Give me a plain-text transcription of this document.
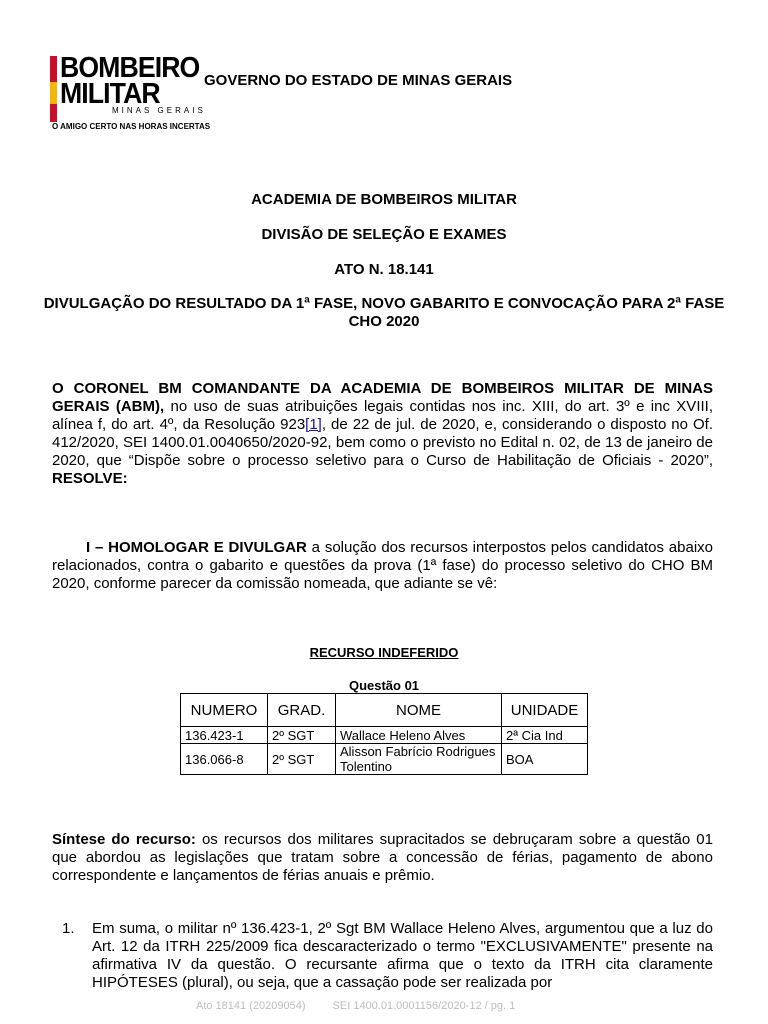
BOMBEIRO
MILITAR
MINAS GERAIS
O AMIGO CERTO NAS HORAS INCERTAS
GOVERNO DO ESTADO DE MINAS GERAIS
ACADEMIA DE BOMBEIROS MILITAR
DIVISÃO DE SELEÇÃO E EXAMES
ATO N. 18.141
DIVULGAÇÃO DO RESULTADO DA 1ª FASE, NOVO GABARITO E CONVOCAÇÃO PARA 2ª FASE CHO 2020
O CORONEL BM COMANDANTE DA ACADEMIA DE BOMBEIROS MILITAR DE MINAS GERAIS (ABM), no uso de suas atribuições legais contidas nos inc. XIII, do art. 3º e inc XVIII, alínea f, do art. 4º, da Resolução 923[1], de 22 de jul. de 2020, e, considerando o disposto no Of. 412/2020, SEI 1400.01.0040650/2020-92, bem como o previsto no Edital n. 02, de 13 de janeiro de 2020, que “Dispõe sobre o processo seletivo para o Curso de Habilitação de Oficiais - 2020”, RESOLVE:
I – HOMOLOGAR E DIVULGAR a solução dos recursos interpostos pelos candidatos abaixo relacionados, contra o gabarito e questões da prova (1ª fase) do processo seletivo do CHO BM 2020, conforme parecer da comissão nomeada, que adiante se vê:
RECURSO INDEFERIDO
Questão 01
NUMERO	GRAD.	NOME	UNIDADE
136.423-1	2º SGT	Wallace Heleno Alves	2ª Cia Ind
136.066-8	2º SGT	Alisson Fabrício Rodrigues Tolentino	BOA
Síntese do recurso: os recursos dos militares supracitados se debruçaram sobre a questão 01 que abordou as legislações que tratam sobre a concessão de férias, pagamento de abono correspondente e lançamentos de férias anuais e prêmio.
1. Em suma, o militar nº 136.423-1, 2º Sgt BM Wallace Heleno Alves, argumentou que a luz do Art. 12 da ITRH 225/2009 fica descaracterizado o termo "EXCLUSIVAMENTE" presente na afirmativa IV da questão. O recursante afirma que o texto da ITRH cita claramente HIPÓTESES (plural), ou seja, que a cassação pode ser realizada por
Ato 18141 (20209054) SEI 1400.01.0001156/2020-12 / pg. 1
